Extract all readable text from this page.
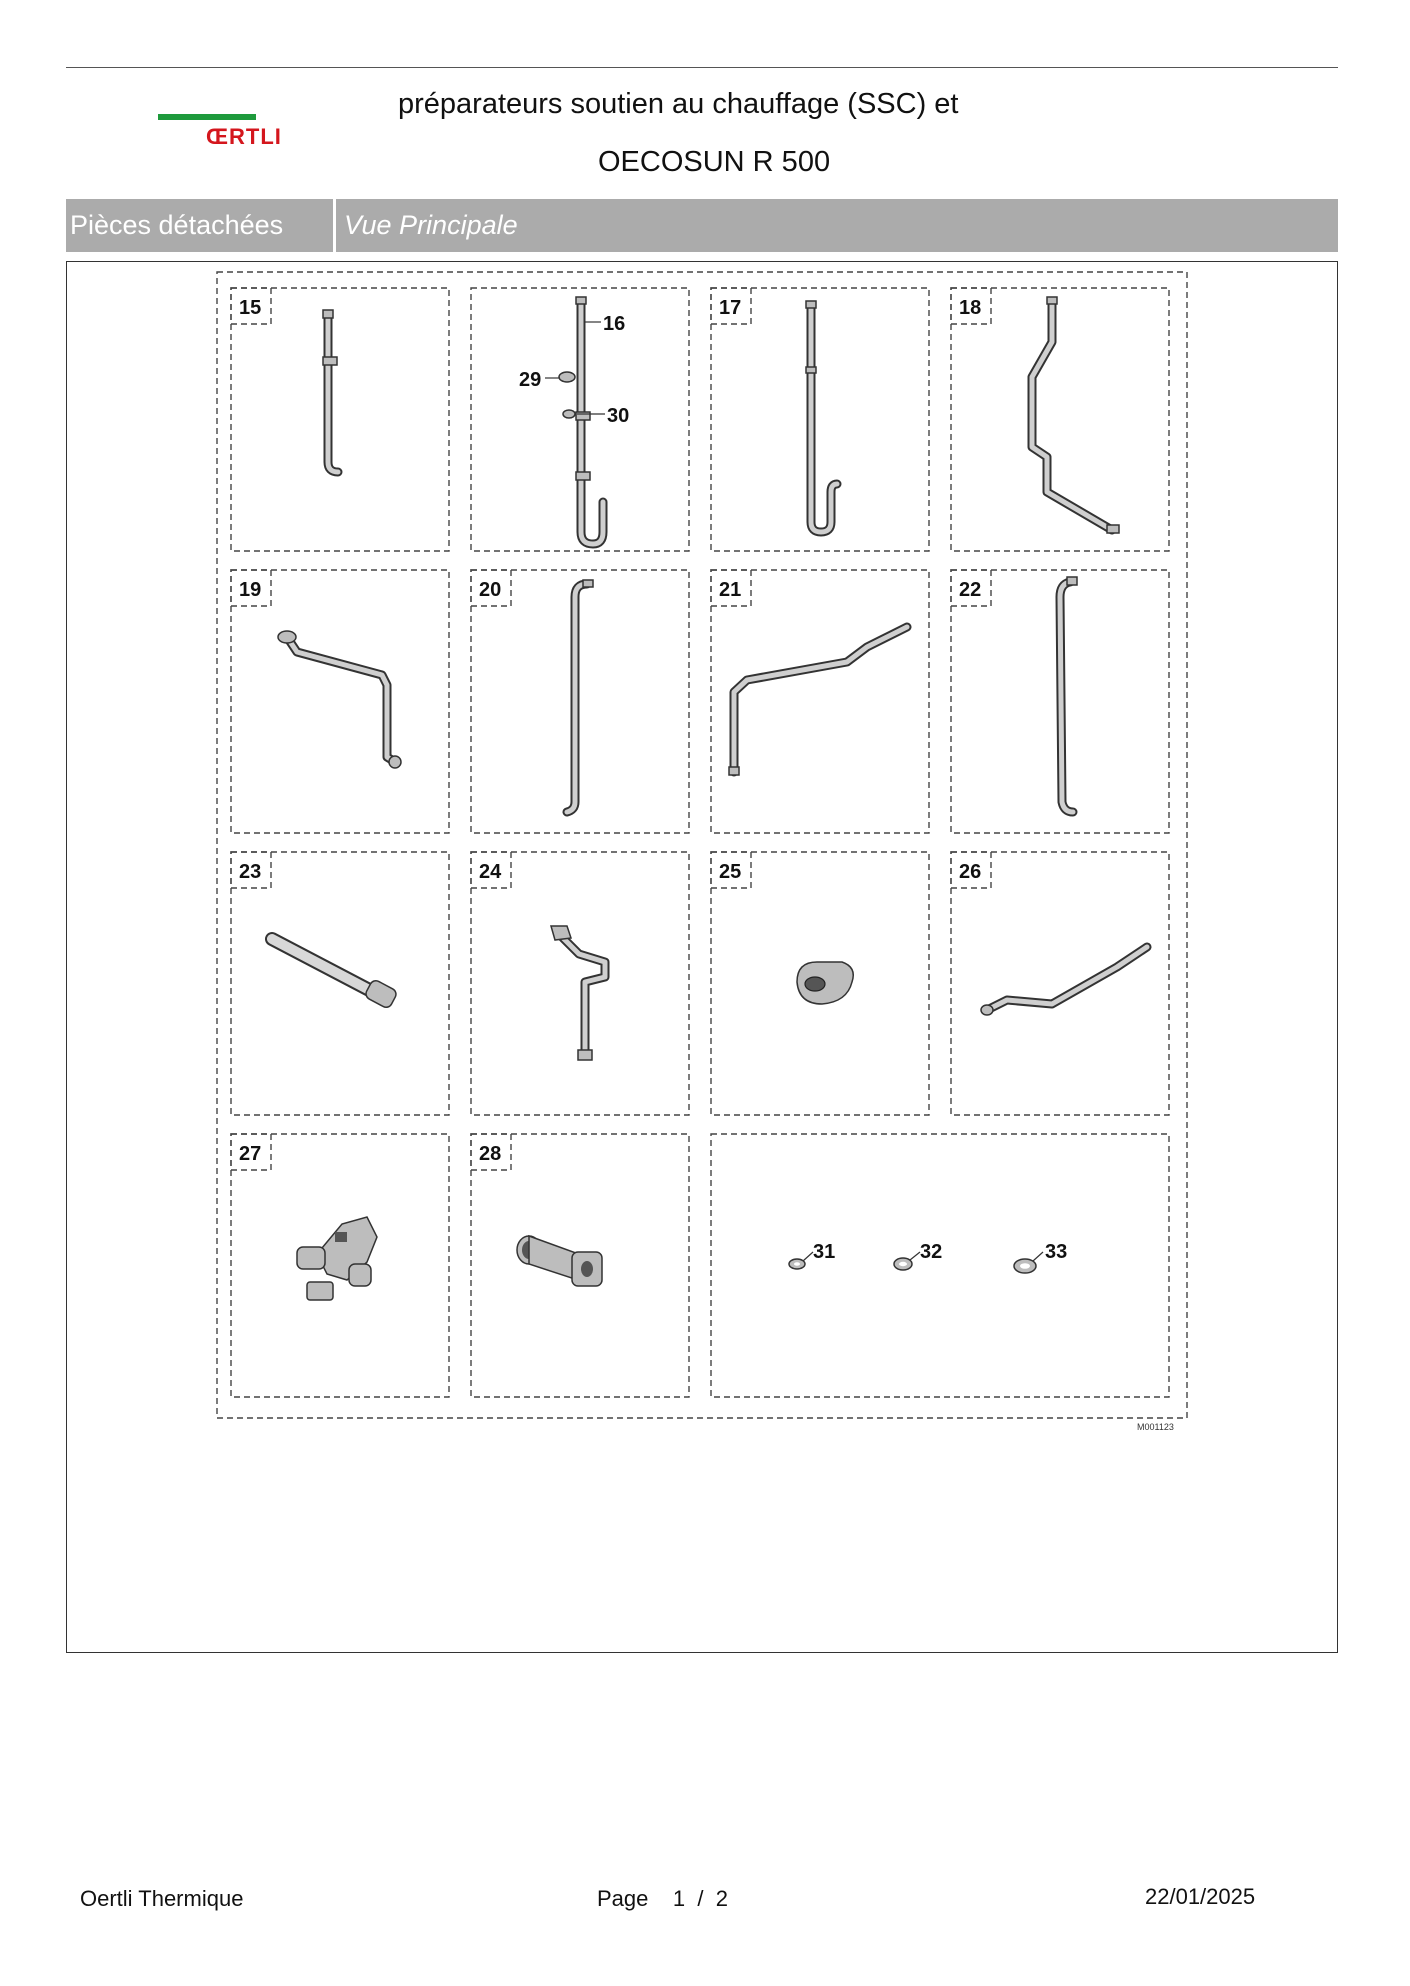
ŒRTLI
préparateurs soutien au chauffage (SSC) et
OECOSUN R 500
Pièces détachées	Vue Principale
15
16
29
30
17	18
19	20	21	22
23	24	25	26
27	28
31	32	33
M001123
Oertli Thermique	Page 1 / 2	22/01/2025
